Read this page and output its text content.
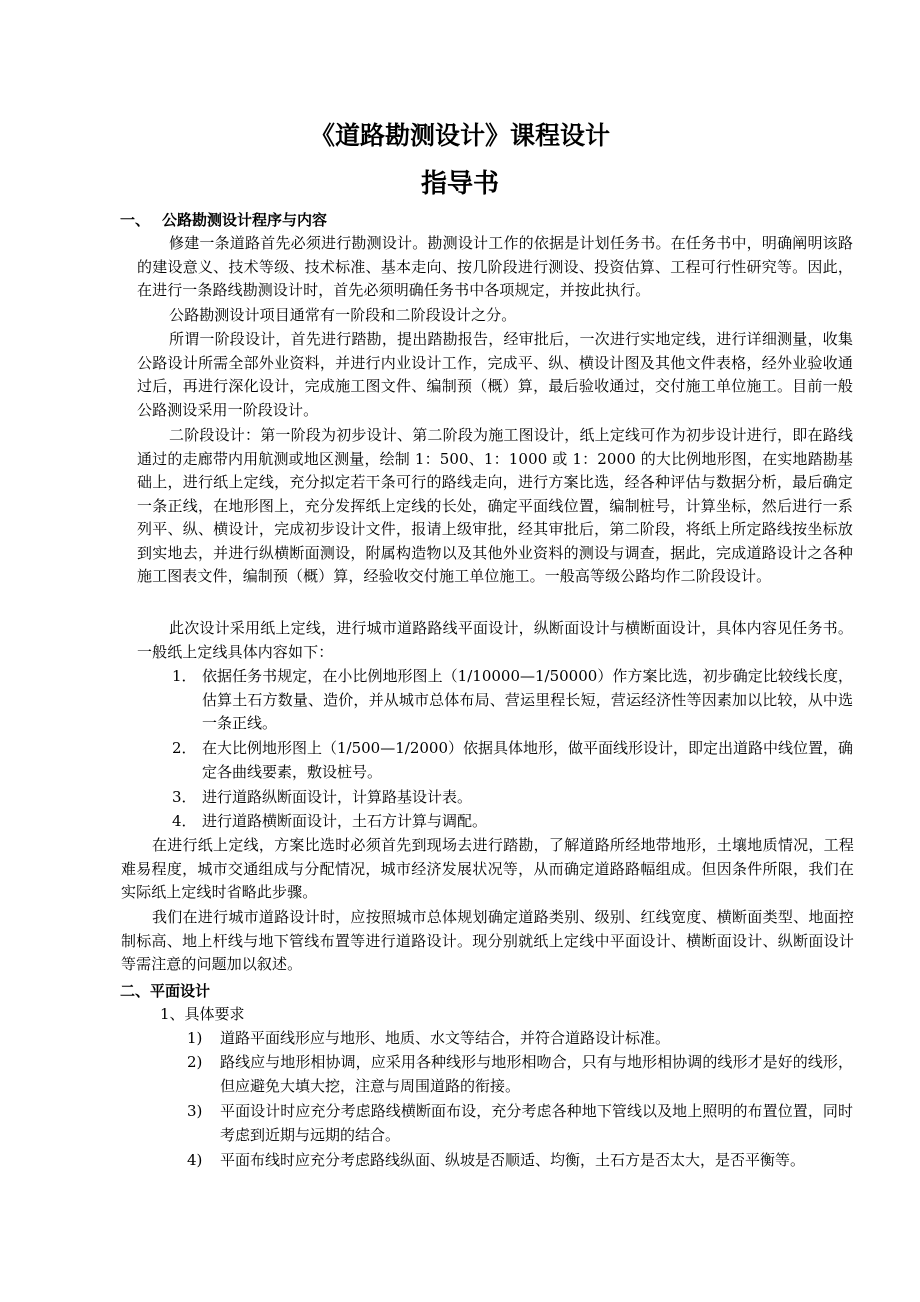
《道路勘测设计》课程设计
指导书
一、 公路勘测设计程序与内容
修建一条道路首先必须进行勘测设计。勘测设计工作的依据是计划任务书。在任务书中，明确阐明该路的建设意义、技术等级、技术标准、基本走向、按几阶段进行测设、投资估算、工程可行性研究等。因此，在进行一条路线勘测设计时，首先必须明确任务书中各项规定，并按此执行。
公路勘测设计项目通常有一阶段和二阶段设计之分。
所谓一阶段设计，首先进行踏勘，提出踏勘报告，经审批后，一次进行实地定线，进行详细测量，收集公路设计所需全部外业资料，并进行内业设计工作，完成平、纵、横设计图及其他文件表格，经外业验收通过后，再进行深化设计，完成施工图文件、编制预（概）算，最后验收通过，交付施工单位施工。目前一般公路测设采用一阶段设计。
二阶段设计：第一阶段为初步设计、第二阶段为施工图设计，纸上定线可作为初步设计进行，即在路线通过的走廊带内用航测或地区测量，绘制 1：500、1：1000 或 1：2000 的大比例地形图，在实地踏勘基础上，进行纸上定线，充分拟定若干条可行的路线走向，进行方案比选，经各种评估与数据分析，最后确定一条正线，在地形图上，充分发挥纸上定线的长处，确定平面线位置，编制桩号，计算坐标，然后进行一系列平、纵、横设计，完成初步设计文件，报请上级审批，经其审批后，第二阶段，将纸上所定路线按坐标放到实地去，并进行纵横断面测设，附属构造物以及其他外业资料的测设与调查，据此，完成道路设计之各种施工图表文件，编制预（概）算，经验收交付施工单位施工。一般高等级公路均作二阶段设计。
此次设计采用纸上定线，进行城市道路路线平面设计，纵断面设计与横断面设计，具体内容见任务书。一般纸上定线具体内容如下：
1． 依据任务书规定，在小比例地形图上（1/10000—1/50000）作方案比选，初步确定比较线长度，估算土石方数量、造价，并从城市总体布局、营运里程长短，营运经济性等因素加以比较，从中选一条正线。
2． 在大比例地形图上（1/500—1/2000）依据具体地形，做平面线形设计，即定出道路中线位置，确定各曲线要素，敷设桩号。
3． 进行道路纵断面设计，计算路基设计表。
4． 进行道路横断面设计，土石方计算与调配。
在进行纸上定线，方案比选时必须首先到现场去进行踏勘，了解道路所经地带地形，土壤地质情况，工程难易程度，城市交通组成与分配情况，城市经济发展状况等，从而确定道路路幅组成。但因条件所限，我们在实际纸上定线时省略此步骤。
我们在进行城市道路设计时，应按照城市总体规划确定道路类别、级别、红线宽度、横断面类型、地面控制标高、地上杆线与地下管线布置等进行道路设计。现分别就纸上定线中平面设计、横断面设计、纵断面设计等需注意的问题加以叙述。
二、平面设计
1、具体要求
1) 道路平面线形应与地形、地质、水文等结合，并符合道路设计标准。
2) 路线应与地形相协调，应采用各种线形与地形相吻合，只有与地形相协调的线形才是好的线形，但应避免大填大挖，注意与周围道路的衔接。
3) 平面设计时应充分考虑路线横断面布设，充分考虑各种地下管线以及地上照明的布置位置，同时考虑到近期与远期的结合。
4) 平面布线时应充分考虑路线纵面、纵坡是否顺适、均衡，土石方是否太大，是否平衡等。
